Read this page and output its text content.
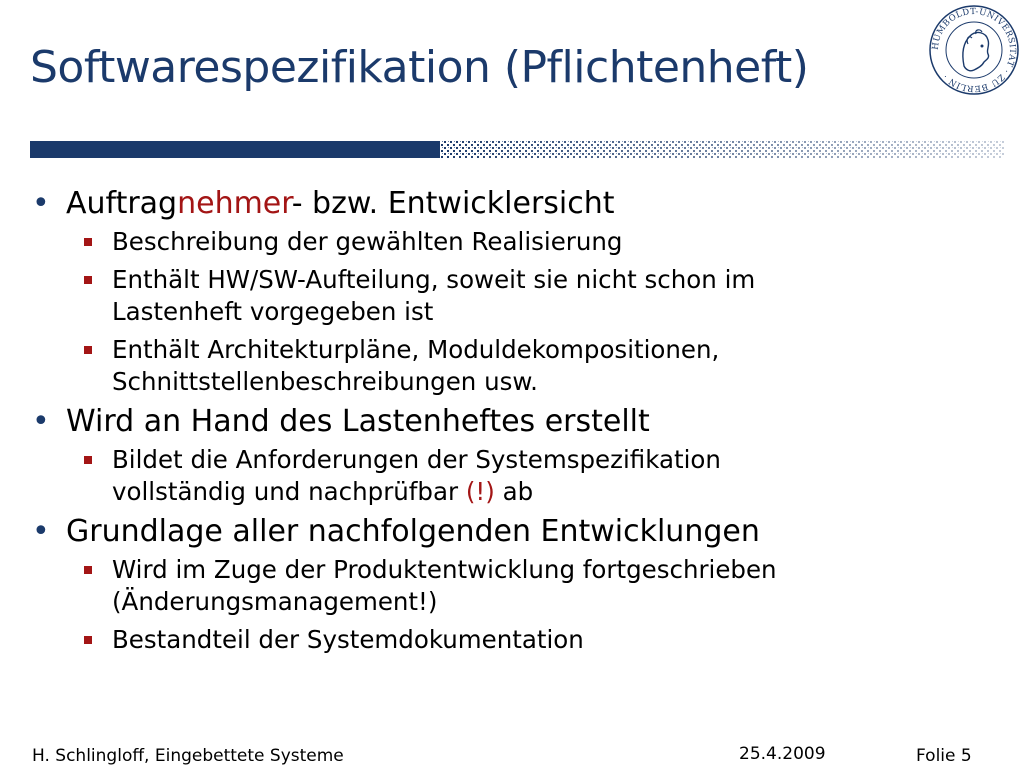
Softwarespezifikation (Pflichtenheft)	HUMBOLDT-UNIVERSITÄT · ZU BERLIN ·
• Auftragnehmer- bzw. Entwicklersicht
Beschreibung der gewählten Realisierung
Enthält HW/SW-Aufteilung, soweit sie nicht schon im
Lastenheft vorgegeben ist
Enthält Architekturpläne, Moduldekompositionen,
Schnittstellenbeschreibungen usw.
• Wird an Hand des Lastenheftes erstellt
Bildet die Anforderungen der Systemspezifikation
vollständig und nachprüfbar (!) ab
• Grundlage aller nachfolgenden Entwicklungen
Wird im Zuge der Produktentwicklung fortgeschrieben
(Änderungsmanagement!)
Bestandteil der Systemdokumentation
H. Schlingloff, Eingebettete Systeme	25.4.2009	Folie 5
